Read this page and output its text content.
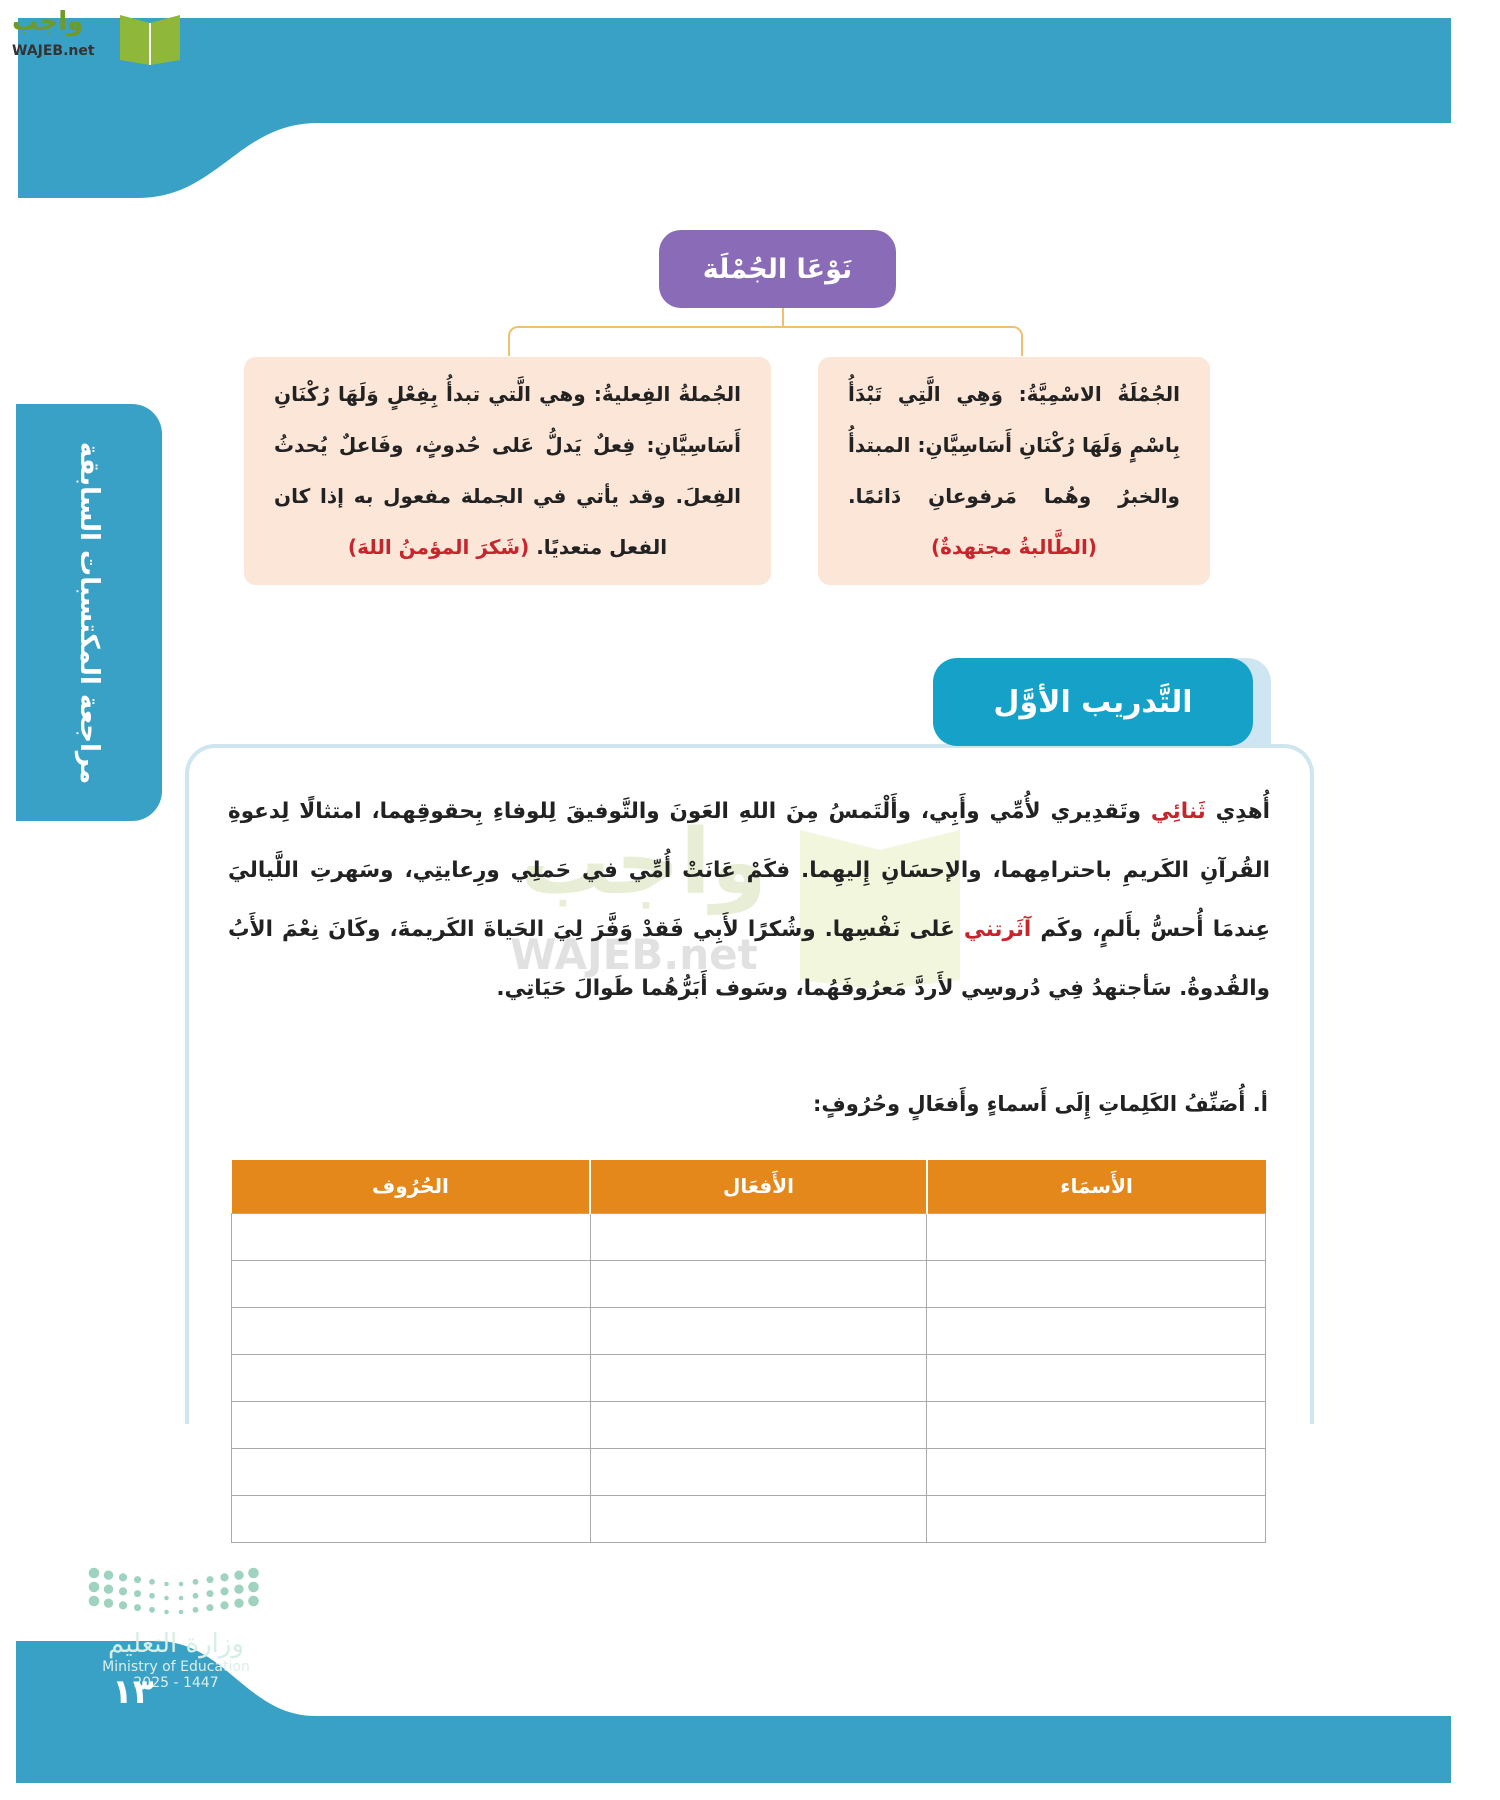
واجب
WAJEB.net
مراجعة المكتسبات السابقة
نَوْعَا الجُمْلَة
الجُمْلَةُ الاسْمِيَّةُ: وَهِي الَّتِي تَبْدَأُ بِاسْمٍ وَلَهَا رُكْنَانِ أَسَاسِيَّانِ: المبتدأُ والخبرُ وهُما مَرفوعانِ دَائمًا. (الطَّالبةُ مجتهدةٌ)
الجُملةُ الفِعليةُ: وهي الَّتي تبدأُ بِفِعْلٍ وَلَهَا رُكْنَانِ أَسَاسِيَّانِ: فِعلٌ يَدلُّ عَلى حُدوثٍ، وفَاعلٌ يُحدثُ الفِعلَ. وقد يأتي في الجملة مفعول به إذا كان الفعل متعديًا. (شَكرَ المؤمنُ اللهَ)
التَّدريب الأوَّل
واجب
WAJEB.net

أُهدِي ثَنائِي وتَقدِيري لأُمِّي وأَبِي، وأَلْتَمسُ مِنَ اللهِ العَونَ والتَّوفيقَ لِلوفاءِ بِحقوقِهما، امتثالًا لِدعوةِ القُرآنِ الكَريمِ باحترامِهما، والإحسَانِ إِليهِما. فكَمْ عَانَتْ أُمِّي في حَملِي ورِعايتِي، وسَهرتِ اللَّياليَ عِندمَا أُحسُّ بأَلمٍ، وكَم آثَرتني عَلى نَفْسِها. وشُكرًا لأَبِي فَقدْ وَفَّرَ لِيَ الحَياةَ الكَريمةَ، وكَانَ نِعْمَ الأَبُ والقُدوةُ. سَأجتهدُ فِي دُروسِي لأَردَّ مَعرُوفَهُما، وسَوف أَبَرُّهُما طَوالَ حَيَاتِي.

أ. أُصَنِّفُ الكَلِماتِ إِلَى أَسماءٍ وأَفعَالٍ وحُرُوفٍ:
الأَسمَاء	الأَفعَال	الحُرُوف

وزارة التعليم
Ministry of Education
2025 - 1447
١٣
